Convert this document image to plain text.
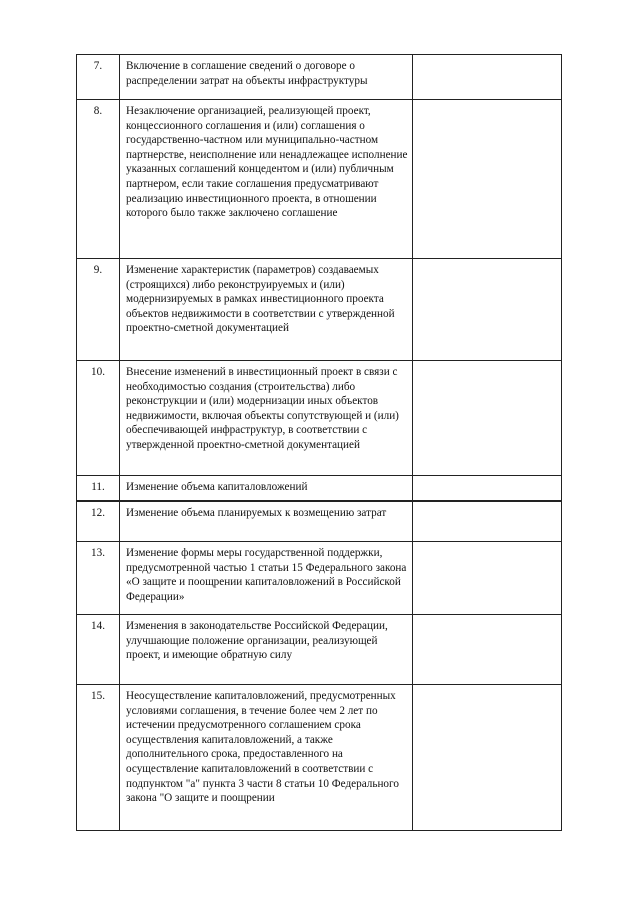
7.	Включение в соглашение сведений о договоре о распределении затрат на объекты инфраструктуры	
8.	Незаключение организацией, реализующей проект, концессионного соглашения и (или) соглашения о государственно-частном или муниципально-частном партнерстве, неисполнение или ненадлежащее исполнение указанных соглашений концедентом и (или) публичным партнером, если такие соглашения предусматривают реализацию инвестиционного проекта, в отношении которого было также заключено соглашение	
9.	Изменение характеристик (параметров) создаваемых (строящихся) либо реконструируемых и (или) модернизируемых в рамках инвестиционного проекта объектов недвижимости в соответствии с утвержденной проектно-сметной документацией	
10.	Внесение изменений в инвестиционный проект в связи с необходимостью создания (строительства) либо реконструкции и (или) модернизации иных объектов недвижимости, включая объекты сопутствующей и (или) обеспечивающей инфраструктур, в соответствии с утвержденной проектно-сметной документацией	
11.	Изменение объема капиталовложений	
12.	Изменение объема планируемых к возмещению затрат	
13.	Изменение формы меры государственной поддержки, предусмотренной частью 1 статьи 15 Федерального закона «О защите и поощрении капиталовложений в Российской Федерации»	
14.	Изменения в законодательстве Российской Федерации, улучшающие положение организации, реализующей проект, и имеющие обратную силу	
15.	Неосуществление капиталовложений, предусмотренных условиями соглашения, в течение более чем 2 лет по истечении предусмотренного соглашением срока осуществления капиталовложений, а также дополнительного срока, предоставленного на осуществление капиталовложений в соответствии с подпунктом "а" пункта 3 части 8 статьи 10 Федерального закона "О защите и поощрении	
